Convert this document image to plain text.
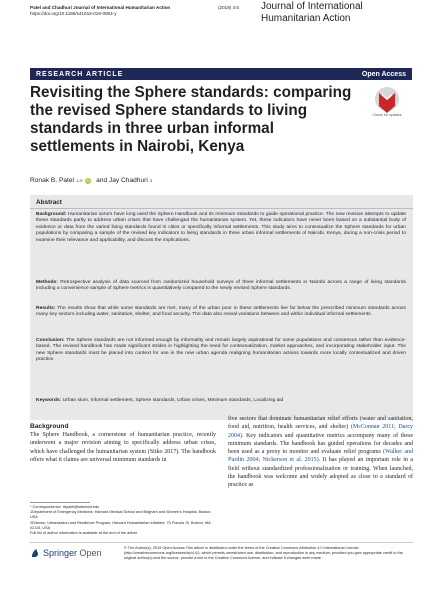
Patel and Chadhuri Journal of International Humanitarian Action
https://doi.org/10.1186/s41018-019-0054-y
(2019) 4:6 Journal of International Humanitarian Action
RESEARCH ARTICLE	Open Access
Revisiting the Sphere standards: comparing the revised Sphere standards to living standards in three urban informal settlements in Nairobi, Kenya
Check for updates
Ronak B. Patel 1,2* iD and Jay Chadhuri 3
Abstract

Background: Humanitarian actors have long used the Sphere Handbook and its minimum standards to guide operational practice. The new revision attempts to update these standards partly to address urban crises that have challenged the humanitarian system. Yet, these indicators have never been based on a substantial body of evidence or data from the varied living standards found in cities or specifically informal settlements. This study aims to contextualize the Sphere standards for urban populations by comparing a sample of the revised key indicators to living standards in three urban informal settlements of Nairobi, Kenya, during a non-crisis period to examine their relevance and applicability, and discuss the implications.

Methods: Retrospective analysis of data sourced from randomized household surveys of three informal settlements in Nairobi across a range of living standards including a convenience sample of Sphere metrics is quantitatively compared to the newly revised Sphere standards.

Results: The results show that while some standards are met, many of the urban poor in these settlements live far below the prescribed minimum standards across many key sectors including water, sanitation, shelter, and food security. The data also reveal variations between and within individual informal settlements.

Conclusion: The Sphere standards are not informed enough by informality and remain largely aspirational for some populations and consensus rather than evidence-based. The revised handbook has made significant strides in highlighting the need for contextualization, market approaches, and incorporating stakeholder input. The new Sphere standards must be placed into context for use in the new urban agenda realigning humanitarian actions towards more locally contextualized and driven practice.

Keywords: Urban slum, Informal settlement, Sphere standards, Urban crises, Minimum standards, Localizing aid

Background

The Sphere Handbook, a cornerstone of humanitarian practice, recently underwent a major revision aiming to specifically address urban crises, which have challenged the humanitarian system (Sitko 2017). The handbook offers what it claims are universal minimum standards in

five sectors that dominate humanitarian relief efforts (water and sanitation, food aid, nutrition, health services, and shelter) (McConnan 2011; Darcy 2004). Key indicators and quantitative metrics accompany many of these minimum standards. The handbook has guided operations for decades and been used as a proxy to monitor and evaluate relief programs (Walker and Purdin 2004; Nickerson et al. 2015). It has played an important role in a field without standardized professionalization or training. When launched, the handbook was welcome and widely adopted as close to a standard of practice as

* Correspondence: rbpatel@stanford.edu
1Department of Emergency Medicine, Harvard Medical School and Brigham and Women's Hospital, Boston, USA
2Director, Urbanization and Resilience Program, Harvard Humanitarian Initiative, 75 Francis St, Boston, MA 02115, USA
Full list of author information is available at the end of the article
Springer Open	© The Author(s). 2019 Open Access This article is distributed under the terms of the Creative Commons Attribution 4.0 International License (http://creativecommons.org/licenses/by/4.0/), which permits unrestricted use, distribution, and reproduction in any medium, provided you give appropriate credit to the original author(s) and the source, provide a link to the Creative Commons license, and indicate if changes were made.
